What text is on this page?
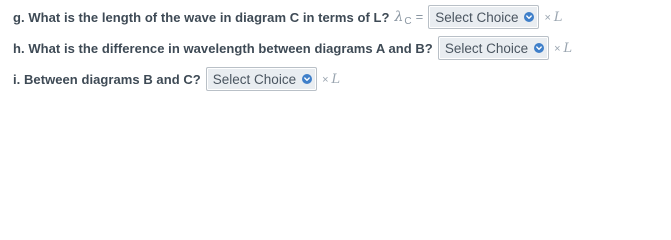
g. What is the length of the wave in diagram C in terms of L? λ C = Select Choice × L
h. What is the difference in wavelength between diagrams A and B? Select Choice × L
i. Between diagrams B and C? Select Choice × L
